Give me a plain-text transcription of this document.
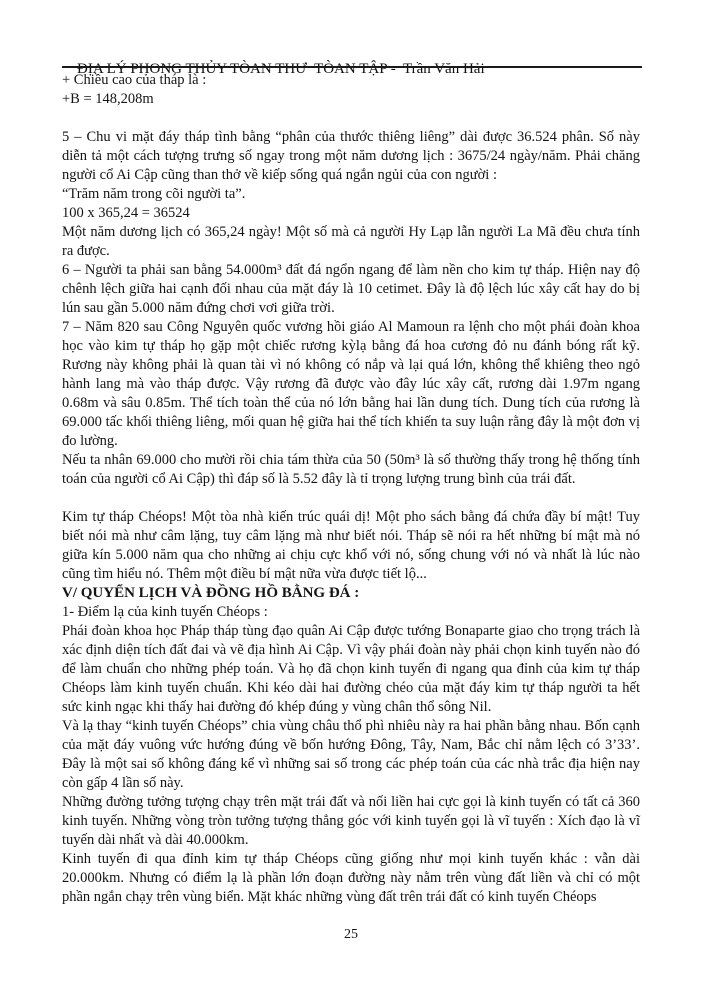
ĐỊA LÝ PHONG THỦY TÒAN THƯ  TÒAN TẬP -  Trần Văn Hải

+ Chiều cao của tháp là :

+B = 148,208m

5 – Chu vi mặt đáy tháp tình bằng “phân của thước thiêng liêng” dài được 36.524 phân. Số này diễn tả một cách tượng trưng số ngay trong một năm dương lịch : 3675/24 ngày/năm. Phải chăng người cổ Ai Cập cũng than thở về kiếp sống quá ngắn ngủi của con người :

“Trăm năm trong cõi người ta”.

100 x 365,24 = 36524

Một năm dương lịch có 365,24 ngày! Một số mà cả người Hy Lạp lẫn người La Mã đều chưa tính ra được.

6 – Người ta phải san bằng 54.000m³ đất đá ngổn ngang để làm nền cho kim tự tháp. Hiện nay độ chênh lệch giữa hai cạnh đối nhau của mặt đáy là 10 cetimet. Đây là độ lệch lúc xây cất hay do bị lún sau gần 5.000 năm đứng chơi vơi giữa trời.

7 – Năm 820 sau Công Nguyên quốc vương hồi giáo Al Mamoun ra lệnh cho một phái đoàn khoa học vào kim tự tháp họ gặp một chiếc rương kỳlạ bằng đá hoa cương đỏ nu đánh bóng rất kỹ. Rương này không phải là quan tài vì nó không có nắp và lại quá lớn, không thể khiêng theo ngỏ hành lang mà vào tháp được. Vậy rương đã được vào đây lúc xây cất, rương dài 1.97m ngang 0.68m và sâu 0.85m. Thể tích toàn thể của nó lớn bằng hai lần dung tích. Dung tích của rương là 69.000 tấc khối thiêng liêng, mối quan hệ giữa hai thể tích khiến ta suy luận rằng đây là một đơn vị đo lường.

Nếu ta nhân 69.000 cho mười rồi chia tám thừa của 50 (50m³ là số thường thấy trong hệ thống tính toán của người cổ Ai Cập) thì đáp số là 5.52 đây là tỉ trọng lượng trung bình của trái đất.

Kim tự tháp Chéops! Một tòa nhà kiến trúc quái dị! Một pho sách bằng đá chứa đầy bí mật! Tuy biết nói mà như câm lặng, tuy câm lặng mà như biết nói. Tháp sẽ nói ra hết những bí mật mà nó giữa kín 5.000 năm qua cho những ai chịu cực khổ với nó, sống chung với nó và nhất là lúc nào cũng tìm hiểu nó. Thêm một điều bí mật nữa vừa được tiết lộ...

V/ QUYỂN LỊCH VÀ ĐỒNG HỒ BẰNG ĐÁ :

1- Điểm lạ của kinh tuyến Chéops :

Phái đoàn khoa học Pháp tháp tùng đạo quân Ai Cập được tướng Bonaparte giao cho trọng trách là xác định diện tích đất đai và vẽ địa hình Ai Cập. Vì vậy phái đoàn này phải chọn kinh tuyến nào đó để làm chuẩn cho những phép toán. Và họ đã chọn kinh tuyến đi ngang qua đỉnh của kim tự tháp Chéops làm kinh tuyến chuẩn. Khi kéo dài hai đường chéo của mặt đáy kim tự tháp người ta hết sức kinh ngạc khi thấy hai đường đó khép đúng y vùng chân thổ sông Nil.

Và lạ thay “kinh tuyến Chéops” chia vùng châu thổ phì nhiêu này ra hai phần bằng nhau. Bốn cạnh của mặt đáy vuông vức hướng đúng về bốn hướng Đông, Tây, Nam, Bắc chỉ nằm lệch có 3’33’. Đây là một sai số không đáng kể vì những sai số trong các phép toán của các nhà trắc địa hiện nay còn gấp 4 lần số này.

Những đường tưởng tượng chạy trên mặt trái đất và nối liền hai cực gọi là kinh tuyến có tất cả 360 kinh tuyến. Những vòng tròn tưởng tượng thẳng góc với kinh tuyến gọi là vĩ tuyến : Xích đạo là vĩ tuyến dài nhất và dài 40.000km.

Kinh tuyến đi qua đỉnh kim tự tháp Chéops cũng giống như mọi kinh tuyến khác : vẫn dài 20.000km. Nhưng có điểm lạ là phần lớn đoạn đường này nằm trên vùng đất liền và chỉ có một phần ngắn chạy trên vùng biển. Mặt khác những vùng đất trên trái đất có kinh tuyến Chéops

25
